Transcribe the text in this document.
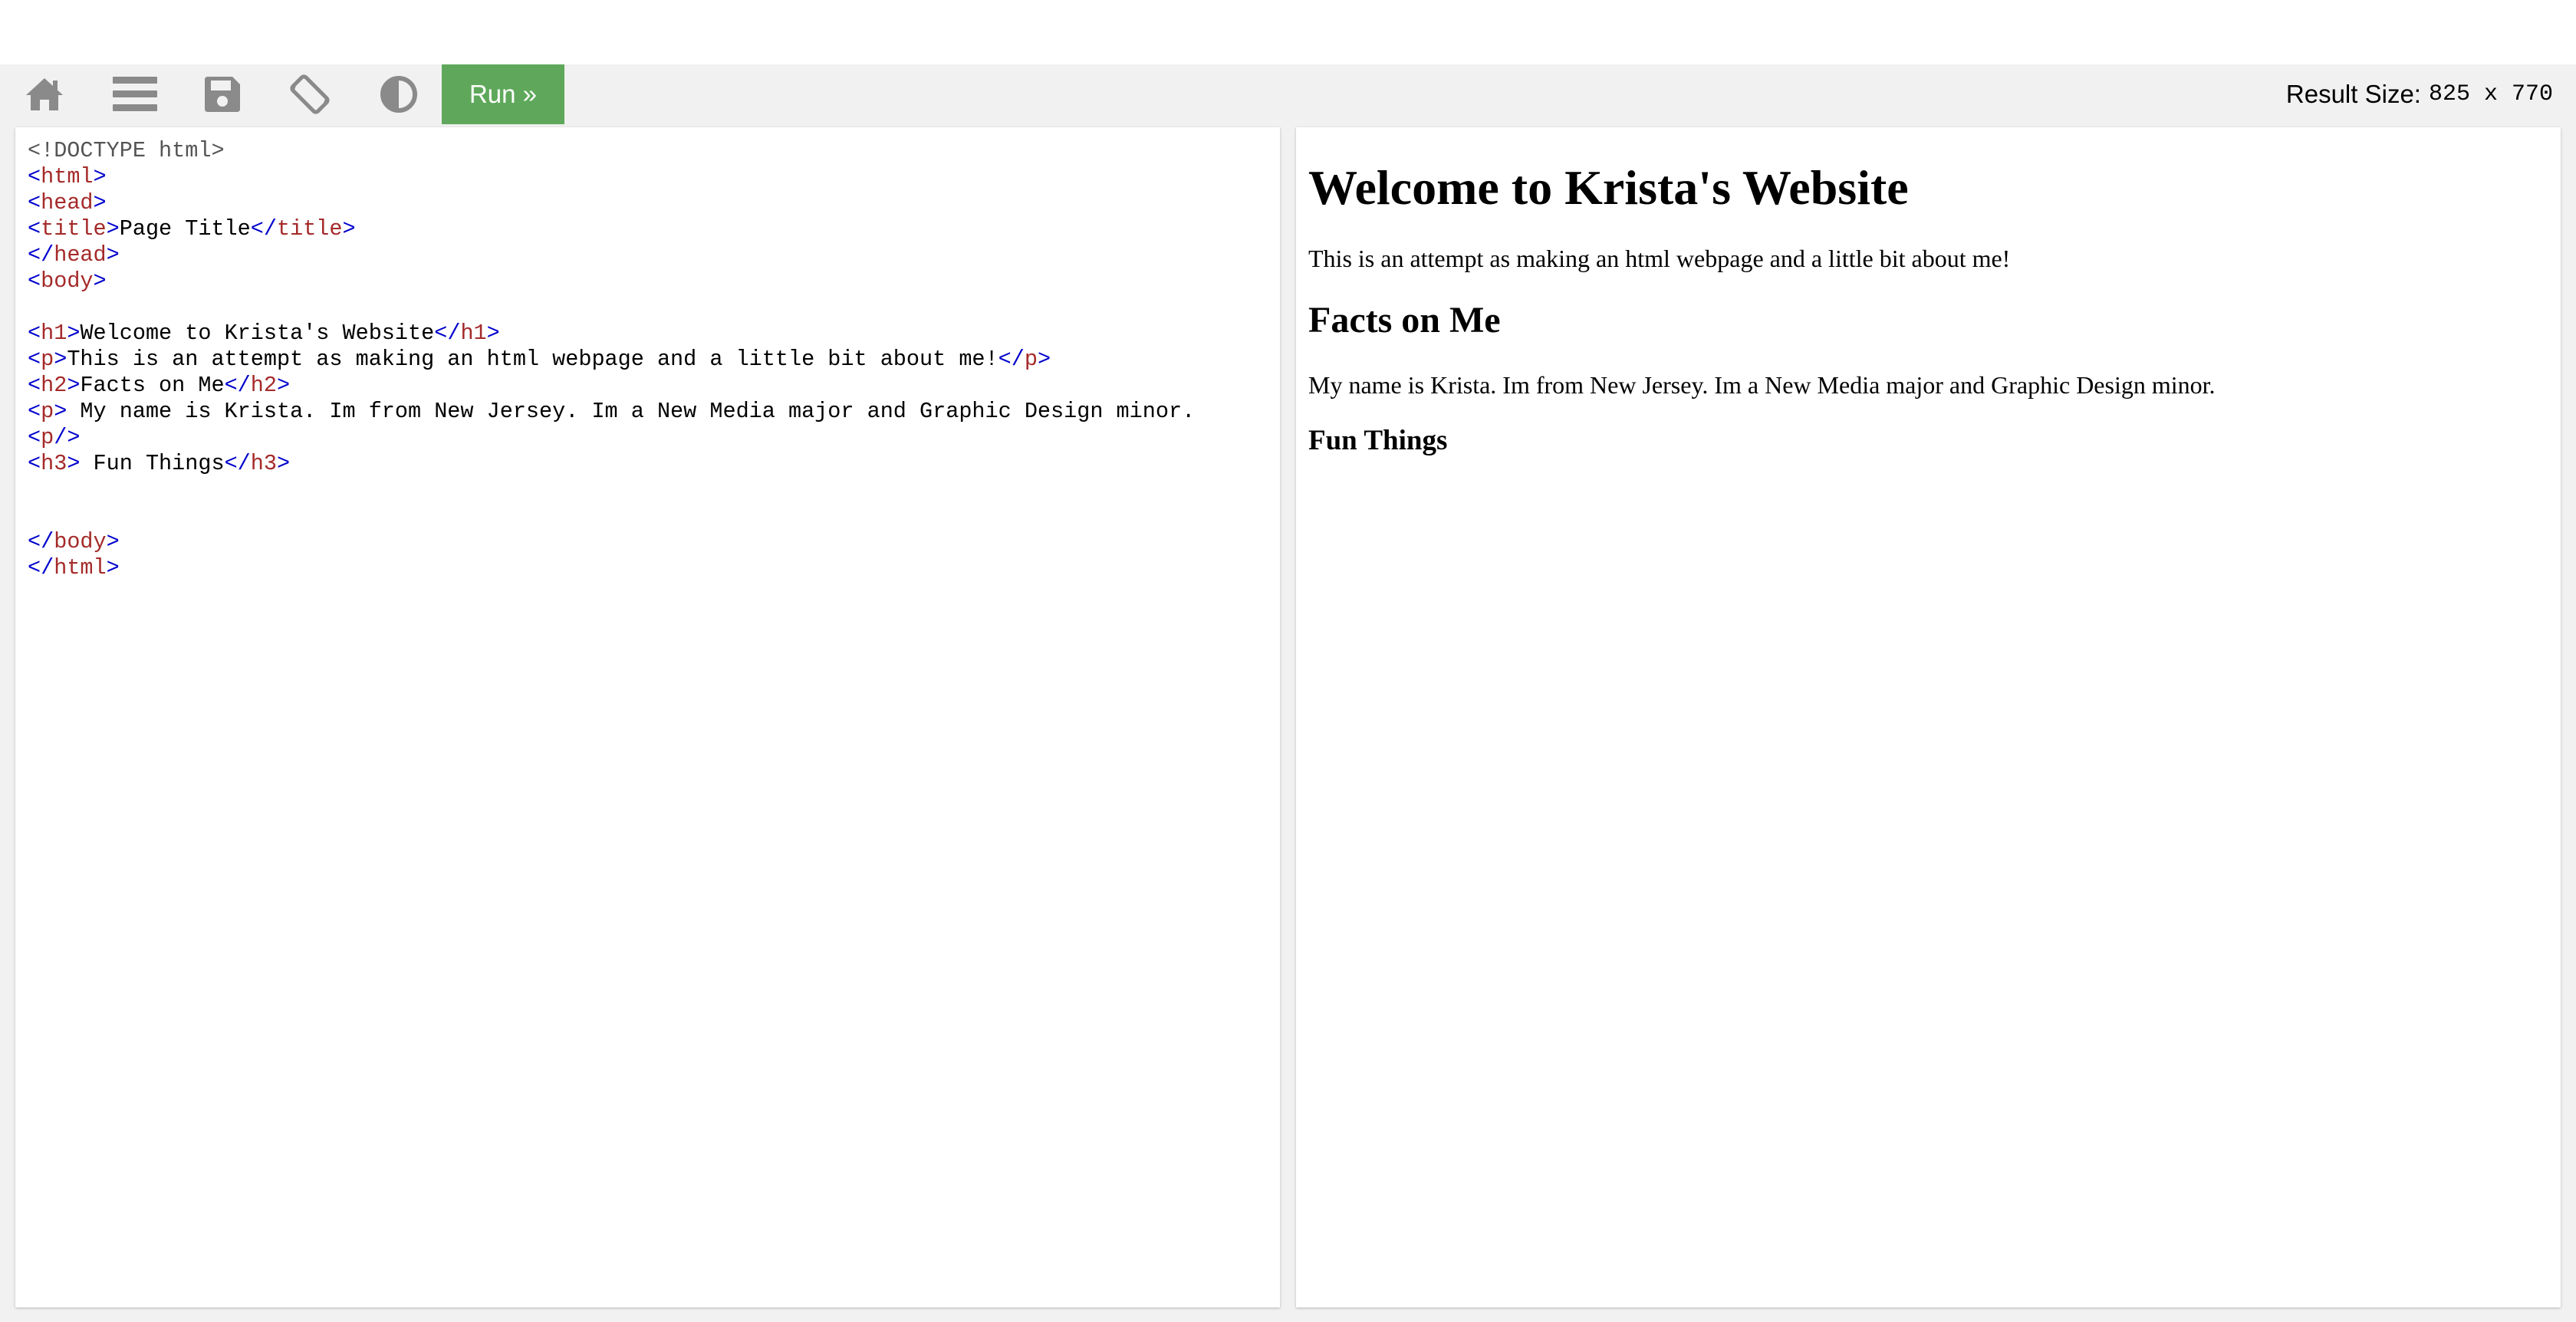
Run »	Result Size: 825 x 770
<!DOCTYPE html>
<html>
<head>
<title>Page Title</title>
</head>
<body>

<h1>Welcome to Krista's Website</h1>
<p>This is an attempt as making an html webpage and a little bit about me!</p>
<h2>Facts on Me</h2>
<p> My name is Krista. Im from New Jersey. Im a New Media major and Graphic Design minor.
<p/>
<h3> Fun Things</h3>

</body>
</html>
Welcome to Krista's Website

This is an attempt as making an html webpage and a little bit about me!

Facts on Me

My name is Krista. Im from New Jersey. Im a New Media major and Graphic Design minor.

Fun Things
